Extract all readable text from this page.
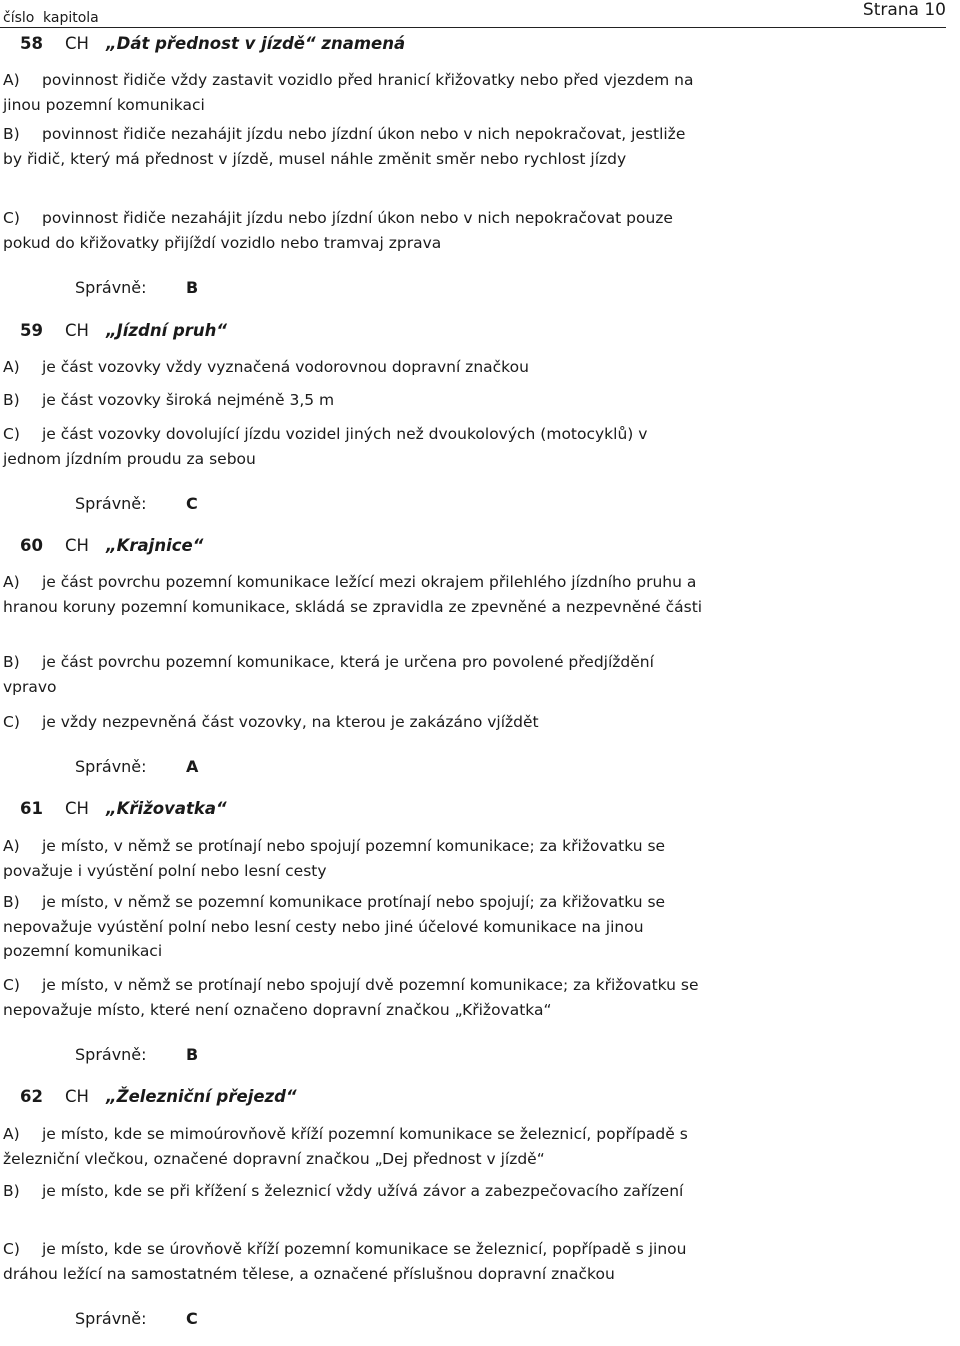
číslo kapitola	Strana 10
58 CH „Dát přednost v jízdě“ znamená
A) povinnost řidiče vždy zastavit vozidlo před hranicí křižovatky nebo před vjezdem na jinou pozemní komunikaci
B) povinnost řidiče nezahájit jízdu nebo jízdní úkon nebo v nich nepokračovat, jestliže by řidič, který má přednost v jízdě, musel náhle změnit směr nebo rychlost jízdy
C) povinnost řidiče nezahájit jízdu nebo jízdní úkon nebo v nich nepokračovat pouze pokud do křižovatky přijíždí vozidlo nebo tramvaj zprava
Správně: B
59 CH „Jízdní pruh“
A) je část vozovky vždy vyznačená vodorovnou dopravní značkou
B) je část vozovky široká nejméně 3,5 m
C) je část vozovky dovolující jízdu vozidel jiných než dvoukolových (motocyklů) v jednom jízdním proudu za sebou
Správně: C
60 CH „Krajnice“
A) je část povrchu pozemní komunikace ležící mezi okrajem přilehlého jízdního pruhu a hranou koruny pozemní komunikace, skládá se zpravidla ze zpevněné a nezpevněné části
B) je část povrchu pozemní komunikace, která je určena pro povolené předjíždění vpravo
C) je vždy nezpevněná část vozovky, na kterou je zakázáno vjíždět
Správně: A
61 CH „Křižovatka“
A) je místo, v němž se protínají nebo spojují pozemní komunikace; za křižovatku se považuje i vyústění polní nebo lesní cesty
B) je místo, v němž se pozemní komunikace protínají nebo spojují; za křižovatku se nepovažuje vyústění polní nebo lesní cesty nebo jiné účelové komunikace na jinou pozemní komunikaci
C) je místo, v němž se protínají nebo spojují dvě pozemní komunikace; za křižovatku se nepovažuje místo, které není označeno dopravní značkou „Křižovatka“
Správně: B
62 CH „Železniční přejezd“
A) je místo, kde se mimoúrovňově kříží pozemní komunikace se železnicí, popřípadě s železniční vlečkou, označené dopravní značkou „Dej přednost v jízdě“
B) je místo, kde se při křížení s železnicí vždy užívá závor a zabezpečovacího zařízení
C) je místo, kde se úrovňově kříží pozemní komunikace se železnicí, popřípadě s jinou dráhou ležící na samostatném tělese, a označené příslušnou dopravní značkou
Správně: C
